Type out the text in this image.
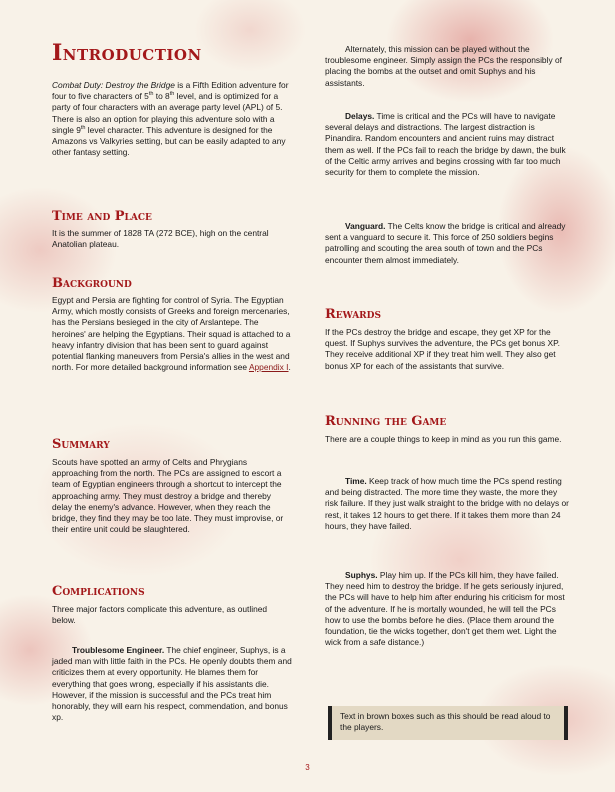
Introduction

Combat Duty: Destroy the Bridge is a Fifth Edition adventure for four to five characters of 5th to 8th level, and is optimized for a party of four characters with an average party level (APL) of 5. There is also an option for playing this adventure solo with a single 9th level character. This adventure is designed for the Amazons vs Valkyries setting, but can be easily adapted to any other fantasy setting.

Time and Place

It is the summer of 1828 TA (272 BCE), high on the central Anatolian plateau.

Background

Egypt and Persia are fighting for control of Syria. The Egyptian Army, which mostly consists of Greeks and foreign mercenaries, has the Persians besieged in the city of Arslantepe. The heroines' are helping the Egyptians. Their squad is attached to a heavy infantry division that has been sent to guard against potential flanking maneuvers from Persia's allies in the west and north. For more detailed background information see Appendix I.

Summary

Scouts have spotted an army of Celts and Phrygians approaching from the north. The PCs are assigned to escort a team of Egyptian engineers through a shortcut to intercept the approaching army. They must destroy a bridge and thereby delay the enemy's advance. However, when they reach the bridge, they find they may be too late. They must improvise, or their entire unit could be slaughtered.

Complications

Three major factors complicate this adventure, as outlined below.

Troublesome Engineer. The chief engineer, Suphys, is a jaded man with little faith in the PCs. He openly doubts them and criticizes them at every opportunity. He blames them for everything that goes wrong, especially if his assistants die. However, if the mission is successful and the PCs treat him honorably, they will earn his respect, commendation, and bonus xp.

Alternately, this mission can be played without the troublesome engineer. Simply assign the PCs the responsibly of placing the bombs at the outset and omit Suphys and his assistants.

Delays. Time is critical and the PCs will have to navigate several delays and distractions. The largest distraction is Pinandira. Random encounters and ancient ruins may distract them as well. If the PCs fail to reach the bridge by dawn, the bulk of the Celtic army arrives and begins crossing with far too much security for them to complete the mission.

Vanguard. The Celts know the bridge is critical and already sent a vanguard to secure it. This force of 250 soldiers begins patrolling and scouting the area south of town and the PCs encounter them almost immediately.

Rewards

If the PCs destroy the bridge and escape, they get XP for the quest. If Suphys survives the adventure, the PCs get bonus XP. They receive additional XP if they treat him well. They also get bonus XP for each of the assistants that survive.

Running the Game

There are a couple things to keep in mind as you run this game.

Time. Keep track of how much time the PCs spend resting and being distracted. The more time they waste, the more they risk failure. If they just walk straight to the bridge with no delays or rest, it takes 12 hours to get there. If it takes them more than 24 hours, they have failed.

Suphys. Play him up. If the PCs kill him, they have failed. They need him to destroy the bridge. If he gets seriously injured, the PCs will have to help him after enduring his criticism for most of the adventure. If he is mortally wounded, he will tell the PCs how to use the bombs before he dies. (Place them around the foundation, tie the wicks together, don't get them wet. Light the wick from a safe distance.)

Text in brown boxes such as this should be read aloud to the players.
3
